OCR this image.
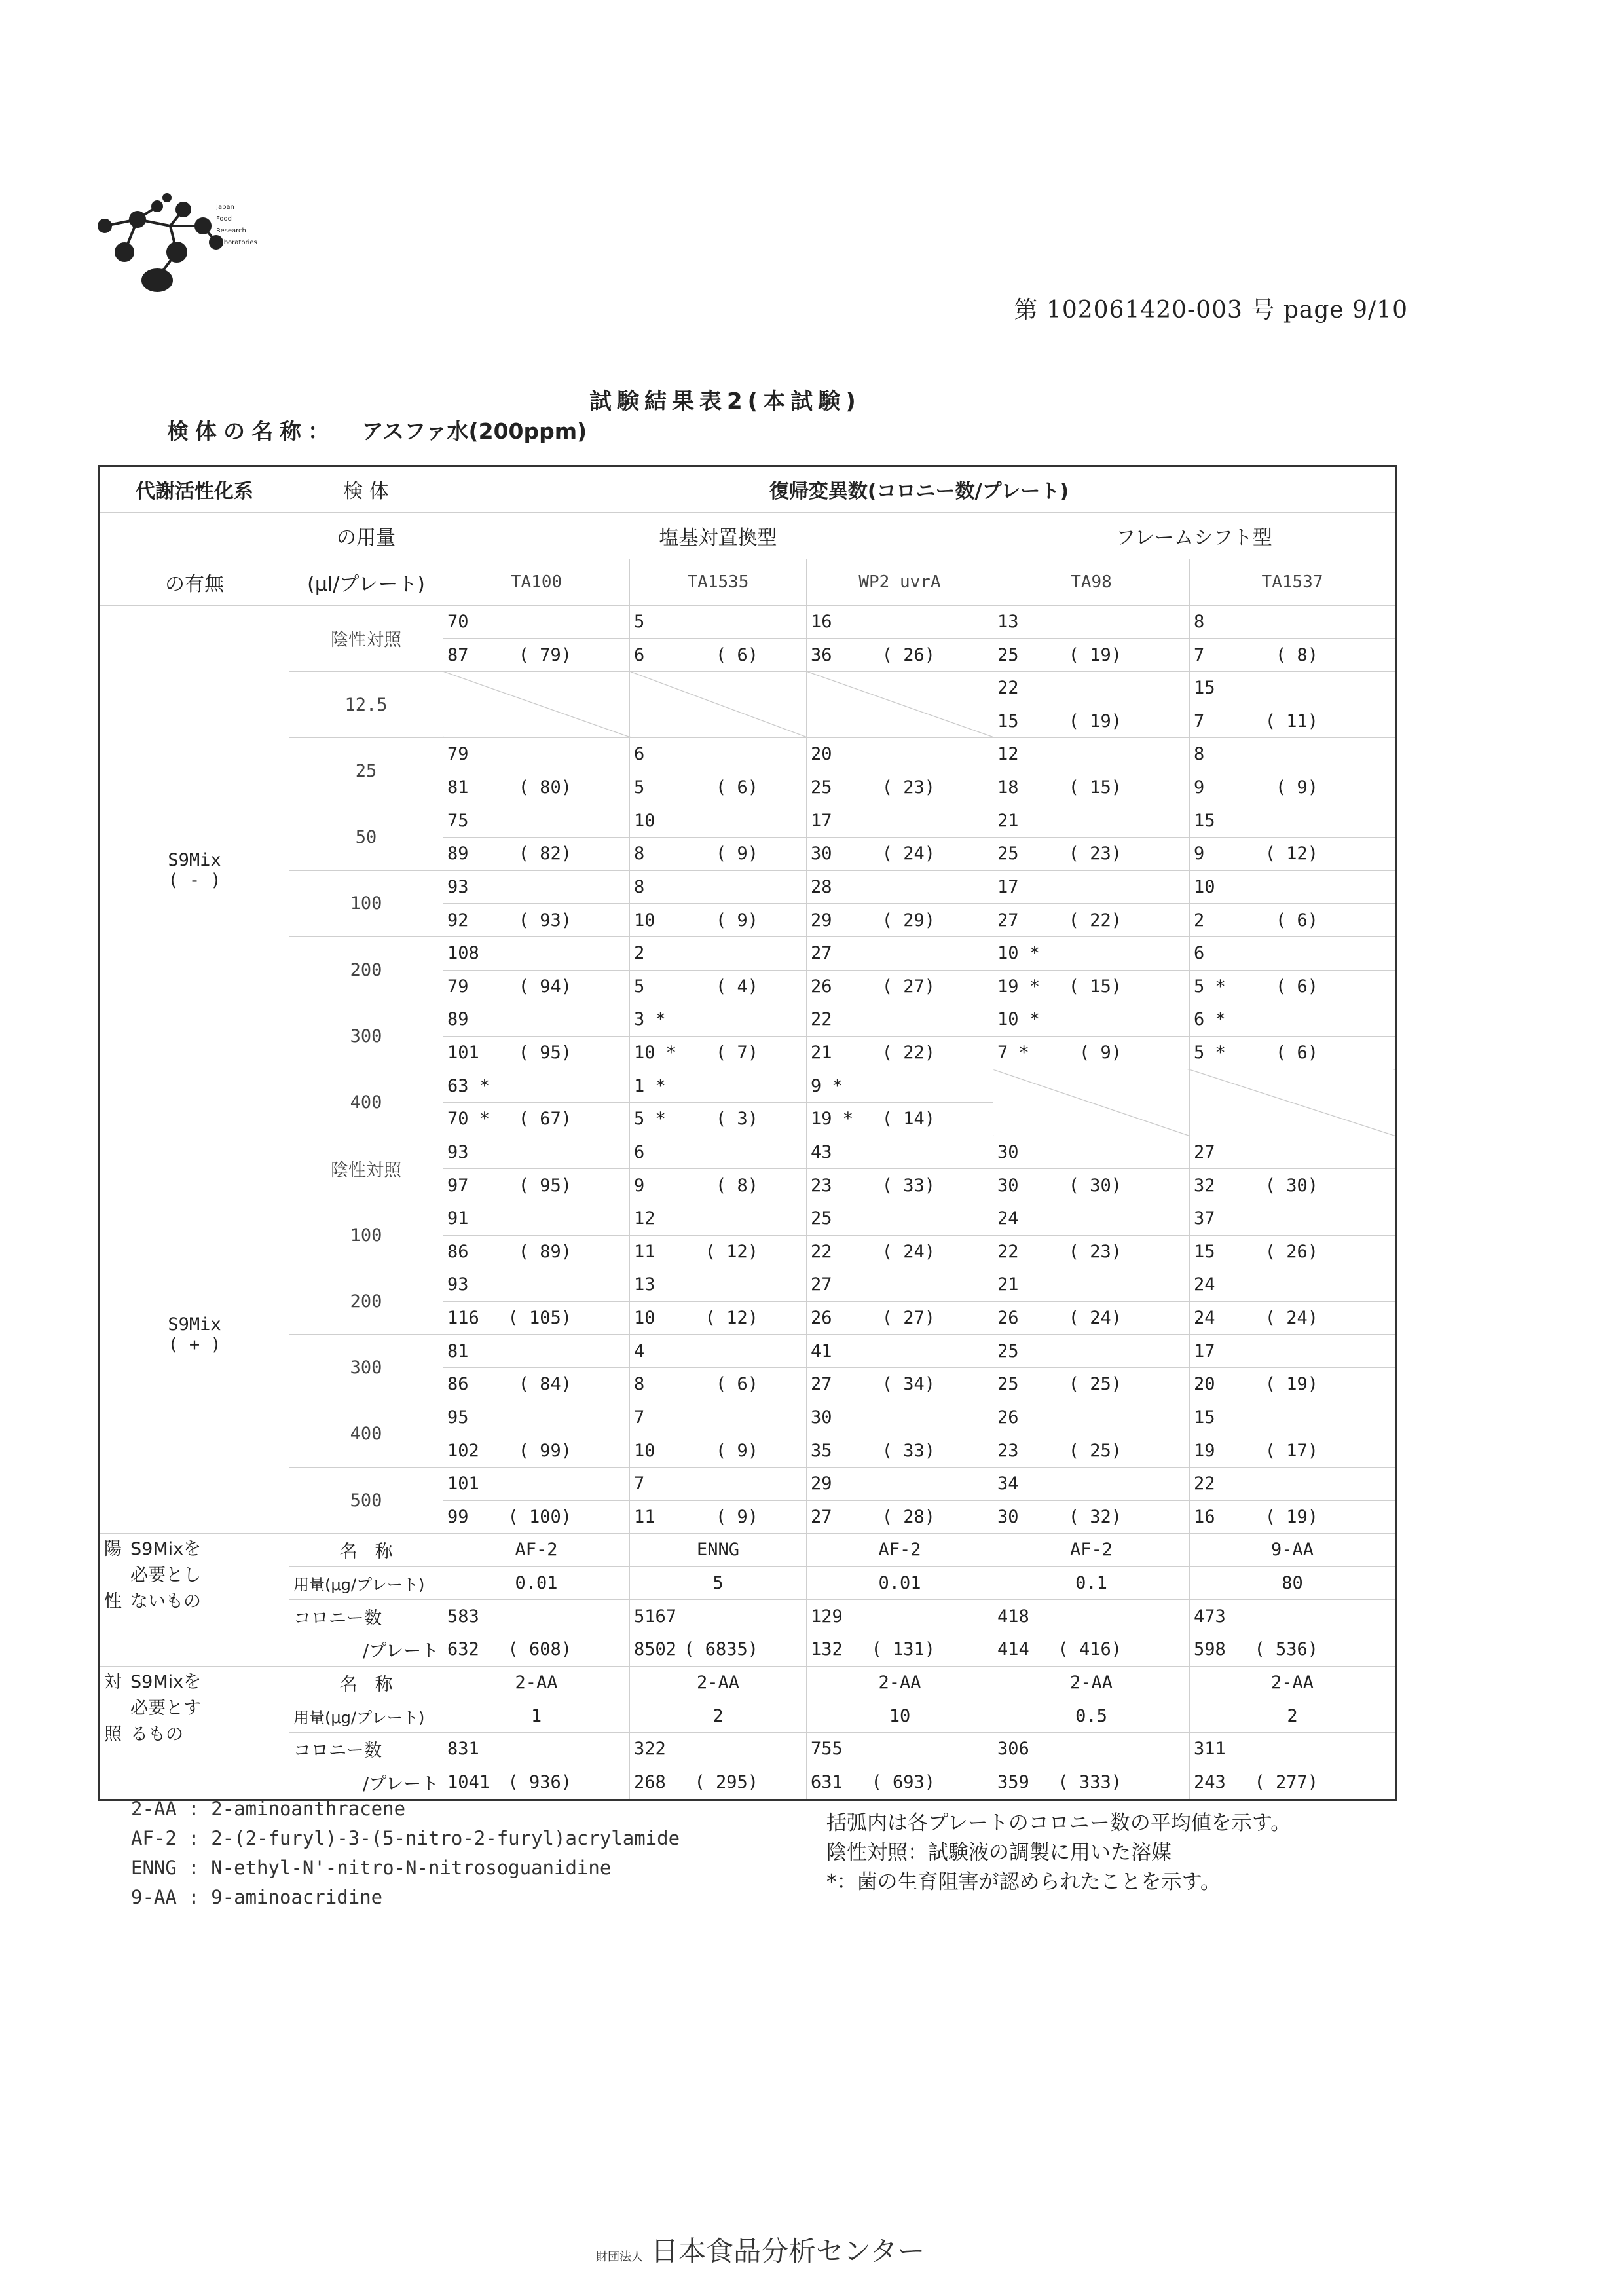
Japan
Food
Research
Laboratories
第 102061420-003 号 page 9/10
試験結果表2(本試験)
検体の名称： アスファ水(200ppm)
代謝活性化系	検 体	復帰変異数(コロニー数/プレート)				
	の用量	塩基対置換型			フレームシフト型	
の有無	(μl/プレート)	TA100	TA1535	WP2 uvrA	TA98	TA1537

S9Mix
( - )	陰性対照	70	5	16	13	8
		87 ( 79)	6 ( 6)	36 ( 26)	25 ( 19)	7 ( 8)
	12.5				22	15
					15 ( 19)	7 ( 11)
	25	79	6	20	12	8
		81 ( 80)	5 ( 6)	25 ( 23)	18 ( 15)	9 ( 9)
	50	75	10	17	21	15
		89 ( 82)	8 ( 9)	30 ( 24)	25 ( 23)	9 ( 12)
	100	93	8	28	17	10
		92 ( 93)	10 ( 9)	29 ( 29)	27 ( 22)	2 ( 6)
	200	108	2	27	10 *	6
		79 ( 94)	5 ( 4)	26 ( 27)	19 * ( 15)	5 * ( 6)
	300	89	3 *	22	10 *	6 *
		101 ( 95)	10 * ( 7)	21 ( 22)	7 * ( 9)	5 * ( 6)
	400	63 *	1 *	9 *		
		70 * ( 67)	5 * ( 3)	19 * ( 14)		

S9Mix
( + )	陰性対照	93	6	43	30	27
		97 ( 95)	9 ( 8)	23 ( 33)	30 ( 30)	32 ( 30)
	100	91	12	25	24	37
		86 ( 89)	11 ( 12)	22 ( 24)	22 ( 23)	15 ( 26)
	200	93	13	27	21	24
		116 ( 105)	10 ( 12)	26 ( 27)	26 ( 24)	24 ( 24)
	300	81	4	41	25	17
		86 ( 84)	8 ( 6)	27 ( 34)	25 ( 25)	20 ( 19)
	400	95	7	30	26	15
		102 ( 99)	10 ( 9)	35 ( 33)	23 ( 25)	19 ( 17)
	500	101	7	29	34	22
		99 ( 100)	11 ( 9)	27 ( 28)	30 ( 32)	16 ( 19)

陽
性
S9Mixを
必要とし
ないもの	名　称	AF-2	ENNG	AF-2	AF-2	9-AA
	用量(μg/プレート)	0.01	5	0.01	0.1	80
	コロニー数	583	5167	129	418	473
	/プレート	632 ( 608)	8502 ( 6835)	132 ( 131)	414 ( 416)	598 ( 536)

対
照
S9Mixを
必要とす
るもの	名　称	2-AA	2-AA	2-AA	2-AA	2-AA
	用量(μg/プレート)	1	2	10	0.5	2
	コロニー数	831	322	755	306	311
	/プレート	1041 ( 936)	268 ( 295)	631 ( 693)	359 ( 333)	243 ( 277)
2-AA : 2-aminoanthracene
AF-2 : 2-(2-furyl)-3-(5-nitro-2-furyl)acrylamide
ENNG : N-ethyl-N'-nitro-N-nitrosoguanidine
9-AA : 9-aminoacridine
括弧内は各プレートのコロニー数の平均値を示す。
陰性対照：試験液の調製に用いた溶媒
*：菌の生育阻害が認められたことを示す。
財団法人 日本食品分析センター
